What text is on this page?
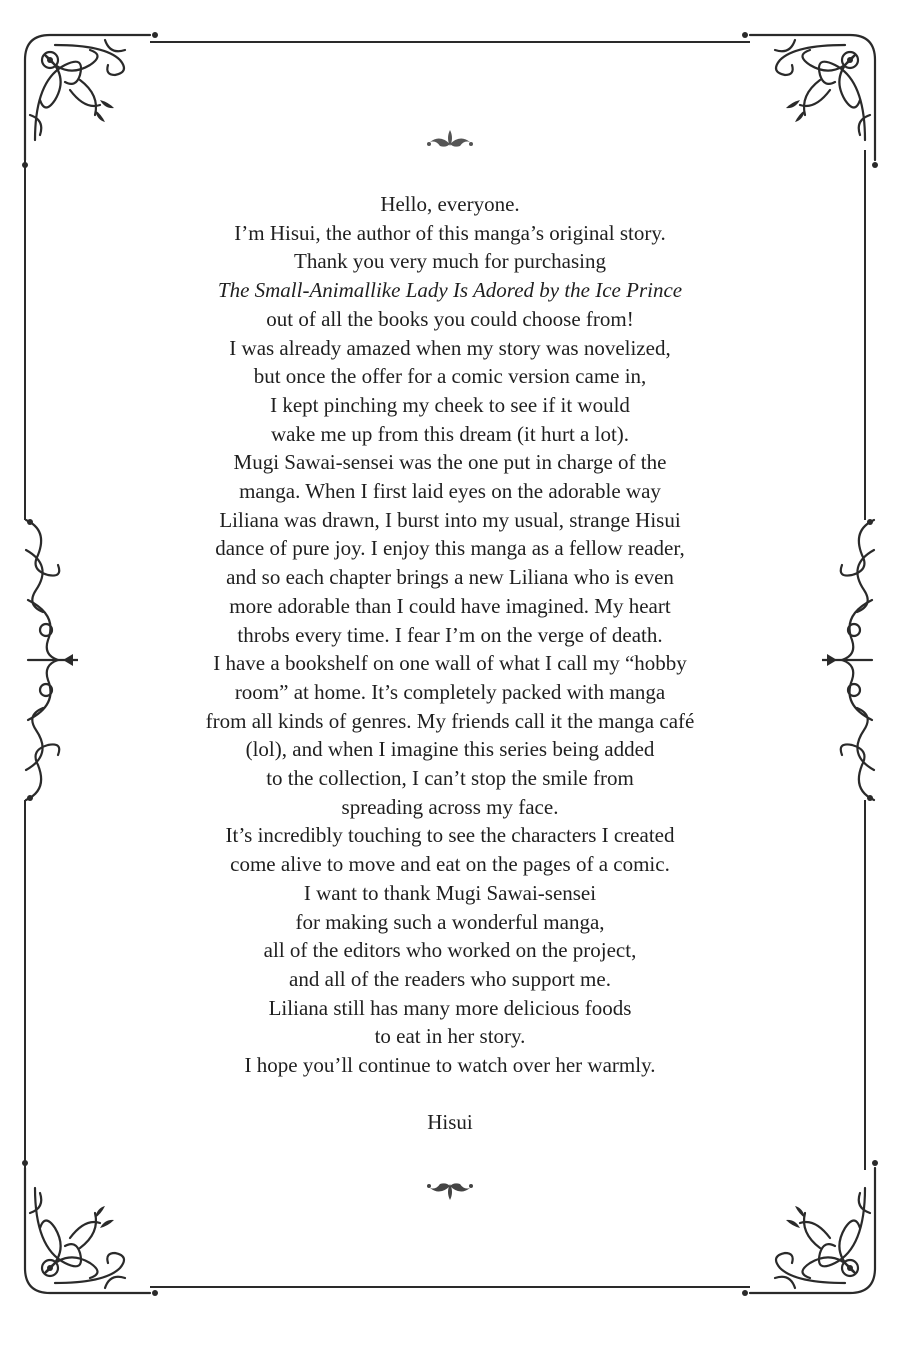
Hello, everyone.
I’m Hisui, the author of this manga’s original story.
Thank you very much for purchasing
The Small-Animallike Lady Is Adored by the Ice Prince
out of all the books you could choose from!
I was already amazed when my story was novelized,
but once the offer for a comic version came in,
I kept pinching my cheek to see if it would
wake me up from this dream (it hurt a lot).
Mugi Sawai-sensei was the one put in charge of the
manga. When I first laid eyes on the adorable way
Liliana was drawn, I burst into my usual, strange Hisui
dance of pure joy. I enjoy this manga as a fellow reader,
and so each chapter brings a new Liliana who is even
more adorable than I could have imagined. My heart
throbs every time. I fear I’m on the verge of death.
I have a bookshelf on one wall of what I call my “hobby
room” at home. It’s completely packed with manga
from all kinds of genres. My friends call it the manga café
(lol), and when I imagine this series being added
to the collection, I can’t stop the smile from
spreading across my face.
It’s incredibly touching to see the characters I created
come alive to move and eat on the pages of a comic.
I want to thank Mugi Sawai-sensei
for making such a wonderful manga,
all of the editors who worked on the project,
and all of the readers who support me.
Liliana still has many more delicious foods
to eat in her story.
I hope you’ll continue to watch over her warmly.
Hisui
